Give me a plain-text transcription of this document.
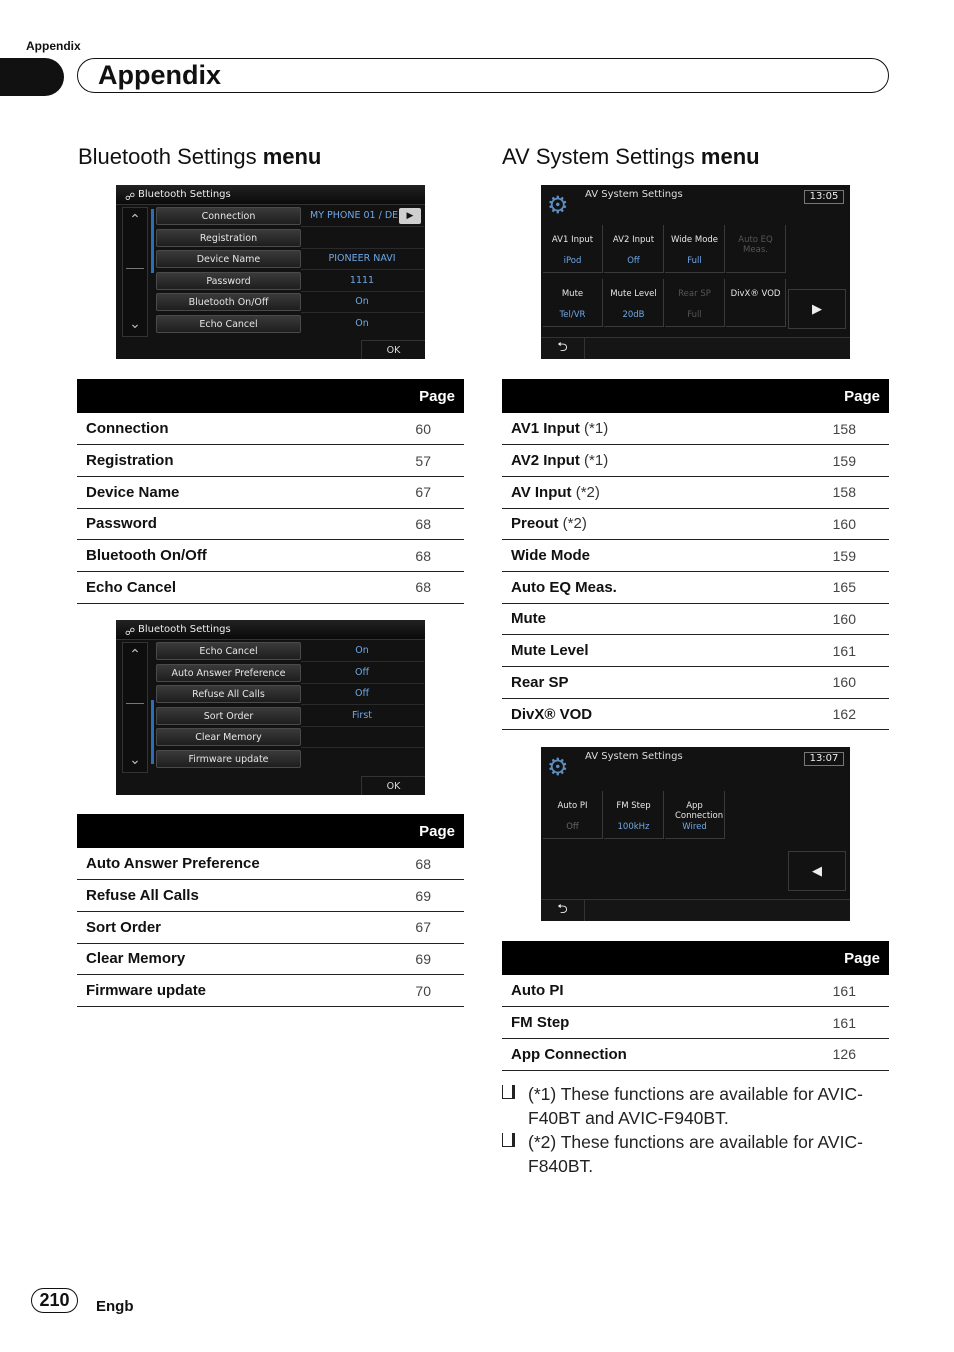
Appendix
Appendix
Bluetooth Settings menu	AV System Settings menu
☍ Bluetooth Settings
⌃
⌄
Connection	MY PHONE 01 / DE ▶
Registration
Device Name	PIONEER NAVI
Password	1111
Bluetooth On/Off	On
Echo Cancel	On
OK
	Page
Connection	60
Registration	57
Device Name	67
Password	68
Bluetooth On/Off	68
Echo Cancel	68
☍ Bluetooth Settings
⌃
⌄
Echo Cancel	On
Auto Answer Preference	Off
Refuse All Calls	Off
Sort Order	First
Clear Memory
Firmware update
OK
	Page
Auto Answer Preference	68
Refuse All Calls	69
Sort Order	67
Clear Memory	69
Firmware update	70
⚙ AV System Settings	13:05
AV1 Input
iPod
AV2 Input
Off
Wide Mode
Full
Auto EQ Meas.
Mute
Tel/VR
Mute Level
20dB
Rear SP
Full
DivX® VOD
▶
⮌
	Page
AV1 Input (*1)	158
AV2 Input (*1)	159
AV Input (*2)	158
Preout (*2)	160
Wide Mode	159
Auto EQ Meas.	165
Mute	160
Mute Level	161
Rear SP	160
DivX® VOD	162
⚙ AV System Settings	13:07
Auto PI
Off
FM Step
100kHz
App Connection
Wired
◀
⮌
	Page
Auto PI	161
FM Step	161
App Connection	126
(*1) These functions are available for AVIC-
F40BT and AVIC-F940BT.
(*2) These functions are available for AVIC-
F840BT.
210	Engb
